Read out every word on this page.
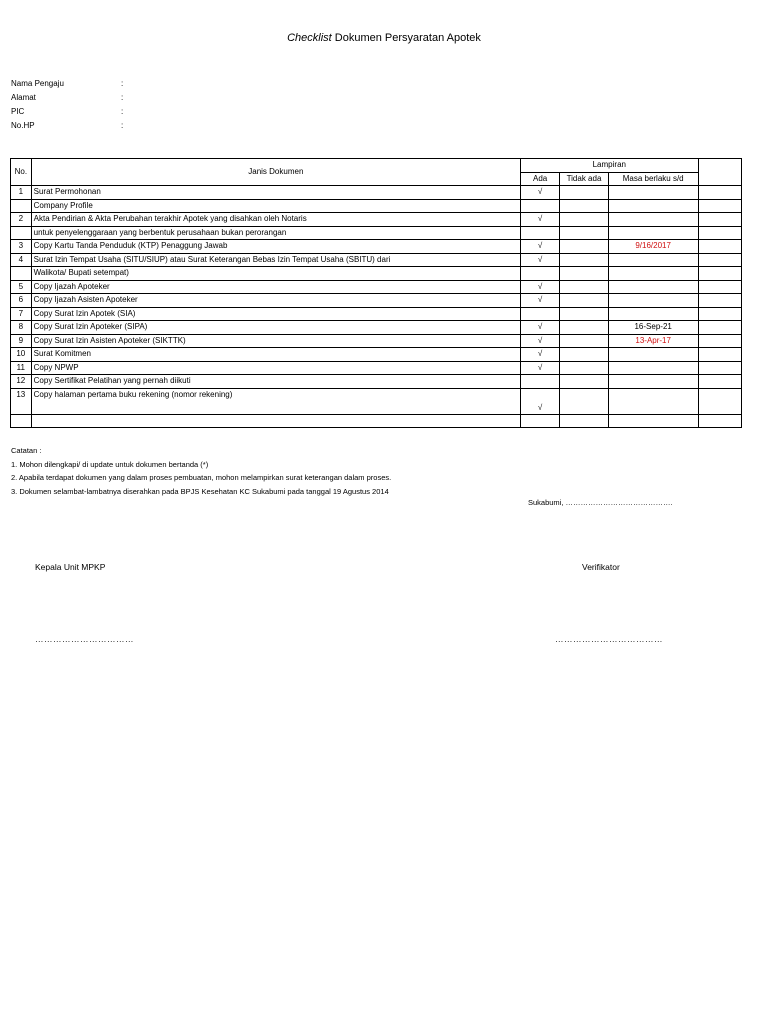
Checklist Dokumen Persyaratan Apotek
Nama Pengaju	:
Alamat	:
PIC	:
No.HP	:
No.	Janis Dokumen	Lampiran			
		Ada	Tidak ada	Masa berlaku s/d	
1	Surat Permohonan	√			
	Company Profile				
2	Akta Pendirian & Akta Perubahan terakhir Apotek yang disahkan oleh Notaris	√			
	untuk penyelenggaraan yang berbentuk perusahaan bukan perorangan				
3	Copy Kartu Tanda Penduduk (KTP) Penaggung Jawab	√		9/16/2017	
4	Surat Izin Tempat Usaha (SITU/SIUP) atau Surat Keterangan Bebas Izin Tempat Usaha (SBITU) dari	√			
	Walikota/ Bupati setempat)				
5	Copy Ijazah Apoteker	√			
6	Copy Ijazah Asisten Apoteker	√			
7	Copy Surat Izin Apotek (SIA)				
8	Copy Surat Izin Apoteker (SIPA)	√		16-Sep-21	
9	Copy Surat Izin Asisten Apoteker (SIKTTK)	√		13-Apr-17	
10	Surat Komitmen	√			
11	Copy NPWP	√			
12	Copy Sertifikat Pelatihan yang pernah diikuti				
13	Copy halaman pertama buku rekening (nomor rekening)	√			

Catatan :
1. Mohon dilengkapi/ di update untuk dokumen bertanda (*)
2. Apabila terdapat dokumen yang dalam proses pembuatan, mohon melampirkan surat keterangan dalam proses.
3. Dokumen selambat-lambatnya diserahkan pada BPJS Kesehatan KC Sukabumi pada tanggal 19 Agustus 2014
Sukabumi, …………………………………….
Kepala Unit MPKP	Verifikator
……………………………	………………………………
